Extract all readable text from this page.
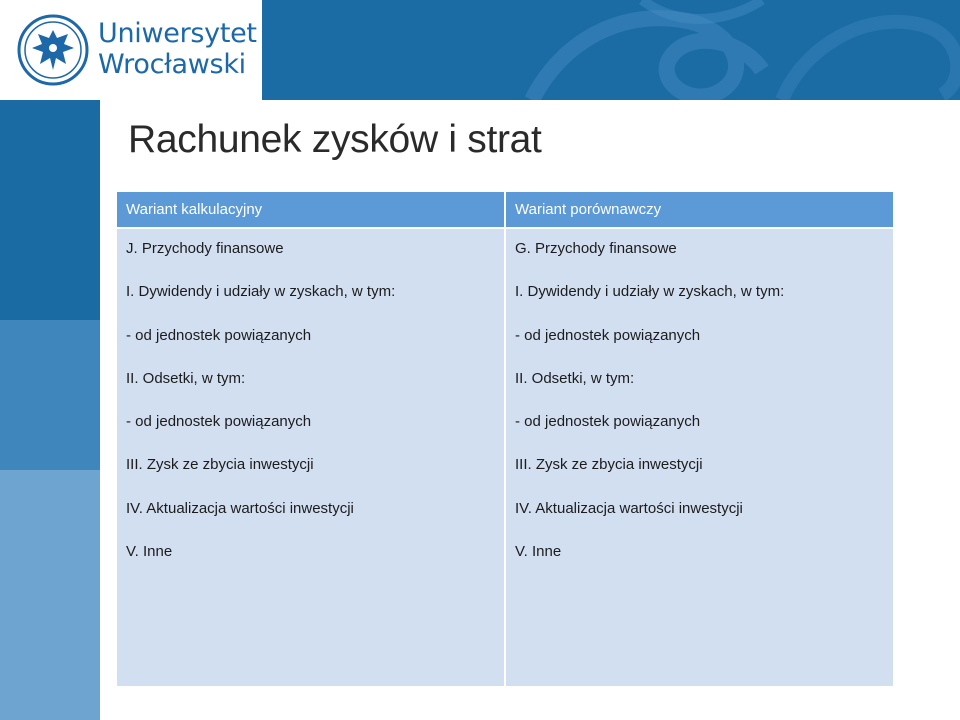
Uniwersytet
Wrocławski
Rachunek zysków i strat
Wariant kalkulacyjny
J. Przychody finansowe
I. Dywidendy i udziały w zyskach, w tym:
- od jednostek powiązanych
II. Odsetki, w tym:
- od jednostek powiązanych
III. Zysk ze zbycia inwestycji
IV. Aktualizacja wartości inwestycji
V. Inne
Wariant porównawczy
G. Przychody finansowe
I. Dywidendy i udziały w zyskach, w tym:
- od jednostek powiązanych
II. Odsetki, w tym:
- od jednostek powiązanych
III. Zysk ze zbycia inwestycji
IV. Aktualizacja wartości inwestycji
V. Inne
